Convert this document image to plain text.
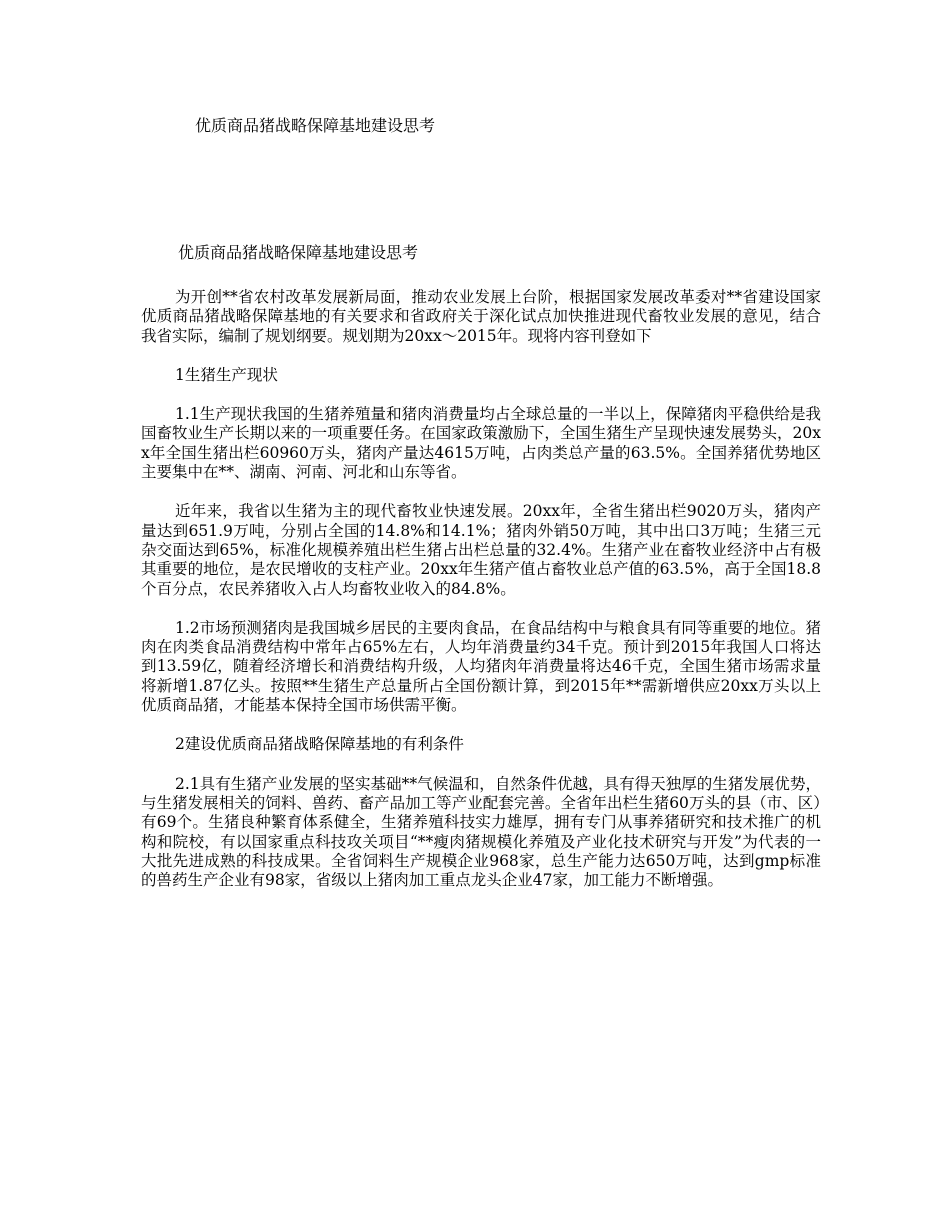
优质商品猪战略保障基地建设思考
优质商品猪战略保障基地建设思考

为开创**省农村改革发展新局面，推动农业发展上台阶，根据国家发展改革委对**省建设国家优质商品猪战略保障基地的有关要求和省政府关于深化试点加快推进现代畜牧业发展的意见，结合我省实际，编制了规划纲要。规划期为20xx～2015年。现将内容刊登如下

1生猪生产现状

1.1生产现状我国的生猪养殖量和猪肉消费量均占全球总量的一半以上，保障猪肉平稳供给是我国畜牧业生产长期以来的一项重要任务。在国家政策激励下，全国生猪生产呈现快速发展势头，20xx年全国生猪出栏60960万头，猪肉产量达4615万吨，占肉类总产量的63.5%。全国养猪优势地区主要集中在**、湖南、河南、河北和山东等省。

近年来，我省以生猪为主的现代畜牧业快速发展。20xx年，全省生猪出栏9020万头，猪肉产量达到651.9万吨，分别占全国的14.8%和14.1%；猪肉外销50万吨，其中出口3万吨；生猪三元杂交面达到65%，标准化规模养殖出栏生猪占出栏总量的32.4%。生猪产业在畜牧业经济中占有极其重要的地位，是农民增收的支柱产业。20xx年生猪产值占畜牧业总产值的63.5%，高于全国18.8个百分点，农民养猪收入占人均畜牧业收入的84.8%。

1.2市场预测猪肉是我国城乡居民的主要肉食品，在食品结构中与粮食具有同等重要的地位。猪肉在肉类食品消费结构中常年占65%左右，人均年消费量约34千克。预计到2015年我国人口将达到13.59亿，随着经济增长和消费结构升级，人均猪肉年消费量将达46千克，全国生猪市场需求量将新增1.87亿头。按照**生猪生产总量所占全国份额计算，到2015年**需新增供应20xx万头以上优质商品猪，才能基本保持全国市场供需平衡。

2建设优质商品猪战略保障基地的有利条件

2.1具有生猪产业发展的坚实基础**气候温和，自然条件优越，具有得天独厚的生猪发展优势，与生猪发展相关的饲料、兽药、畜产品加工等产业配套完善。全省年出栏生猪60万头的县（市、区）有69个。生猪良种繁育体系健全，生猪养殖科技实力雄厚，拥有专门从事养猪研究和技术推广的机构和院校，有以国家重点科技攻关项目“**瘦肉猪规模化养殖及产业化技术研究与开发”为代表的一大批先进成熟的科技成果。全省饲料生产规模企业968家，总生产能力达650万吨，达到gmp标准的兽药生产企业有98家，省级以上猪肉加工重点龙头企业47家，加工能力不断增强。
